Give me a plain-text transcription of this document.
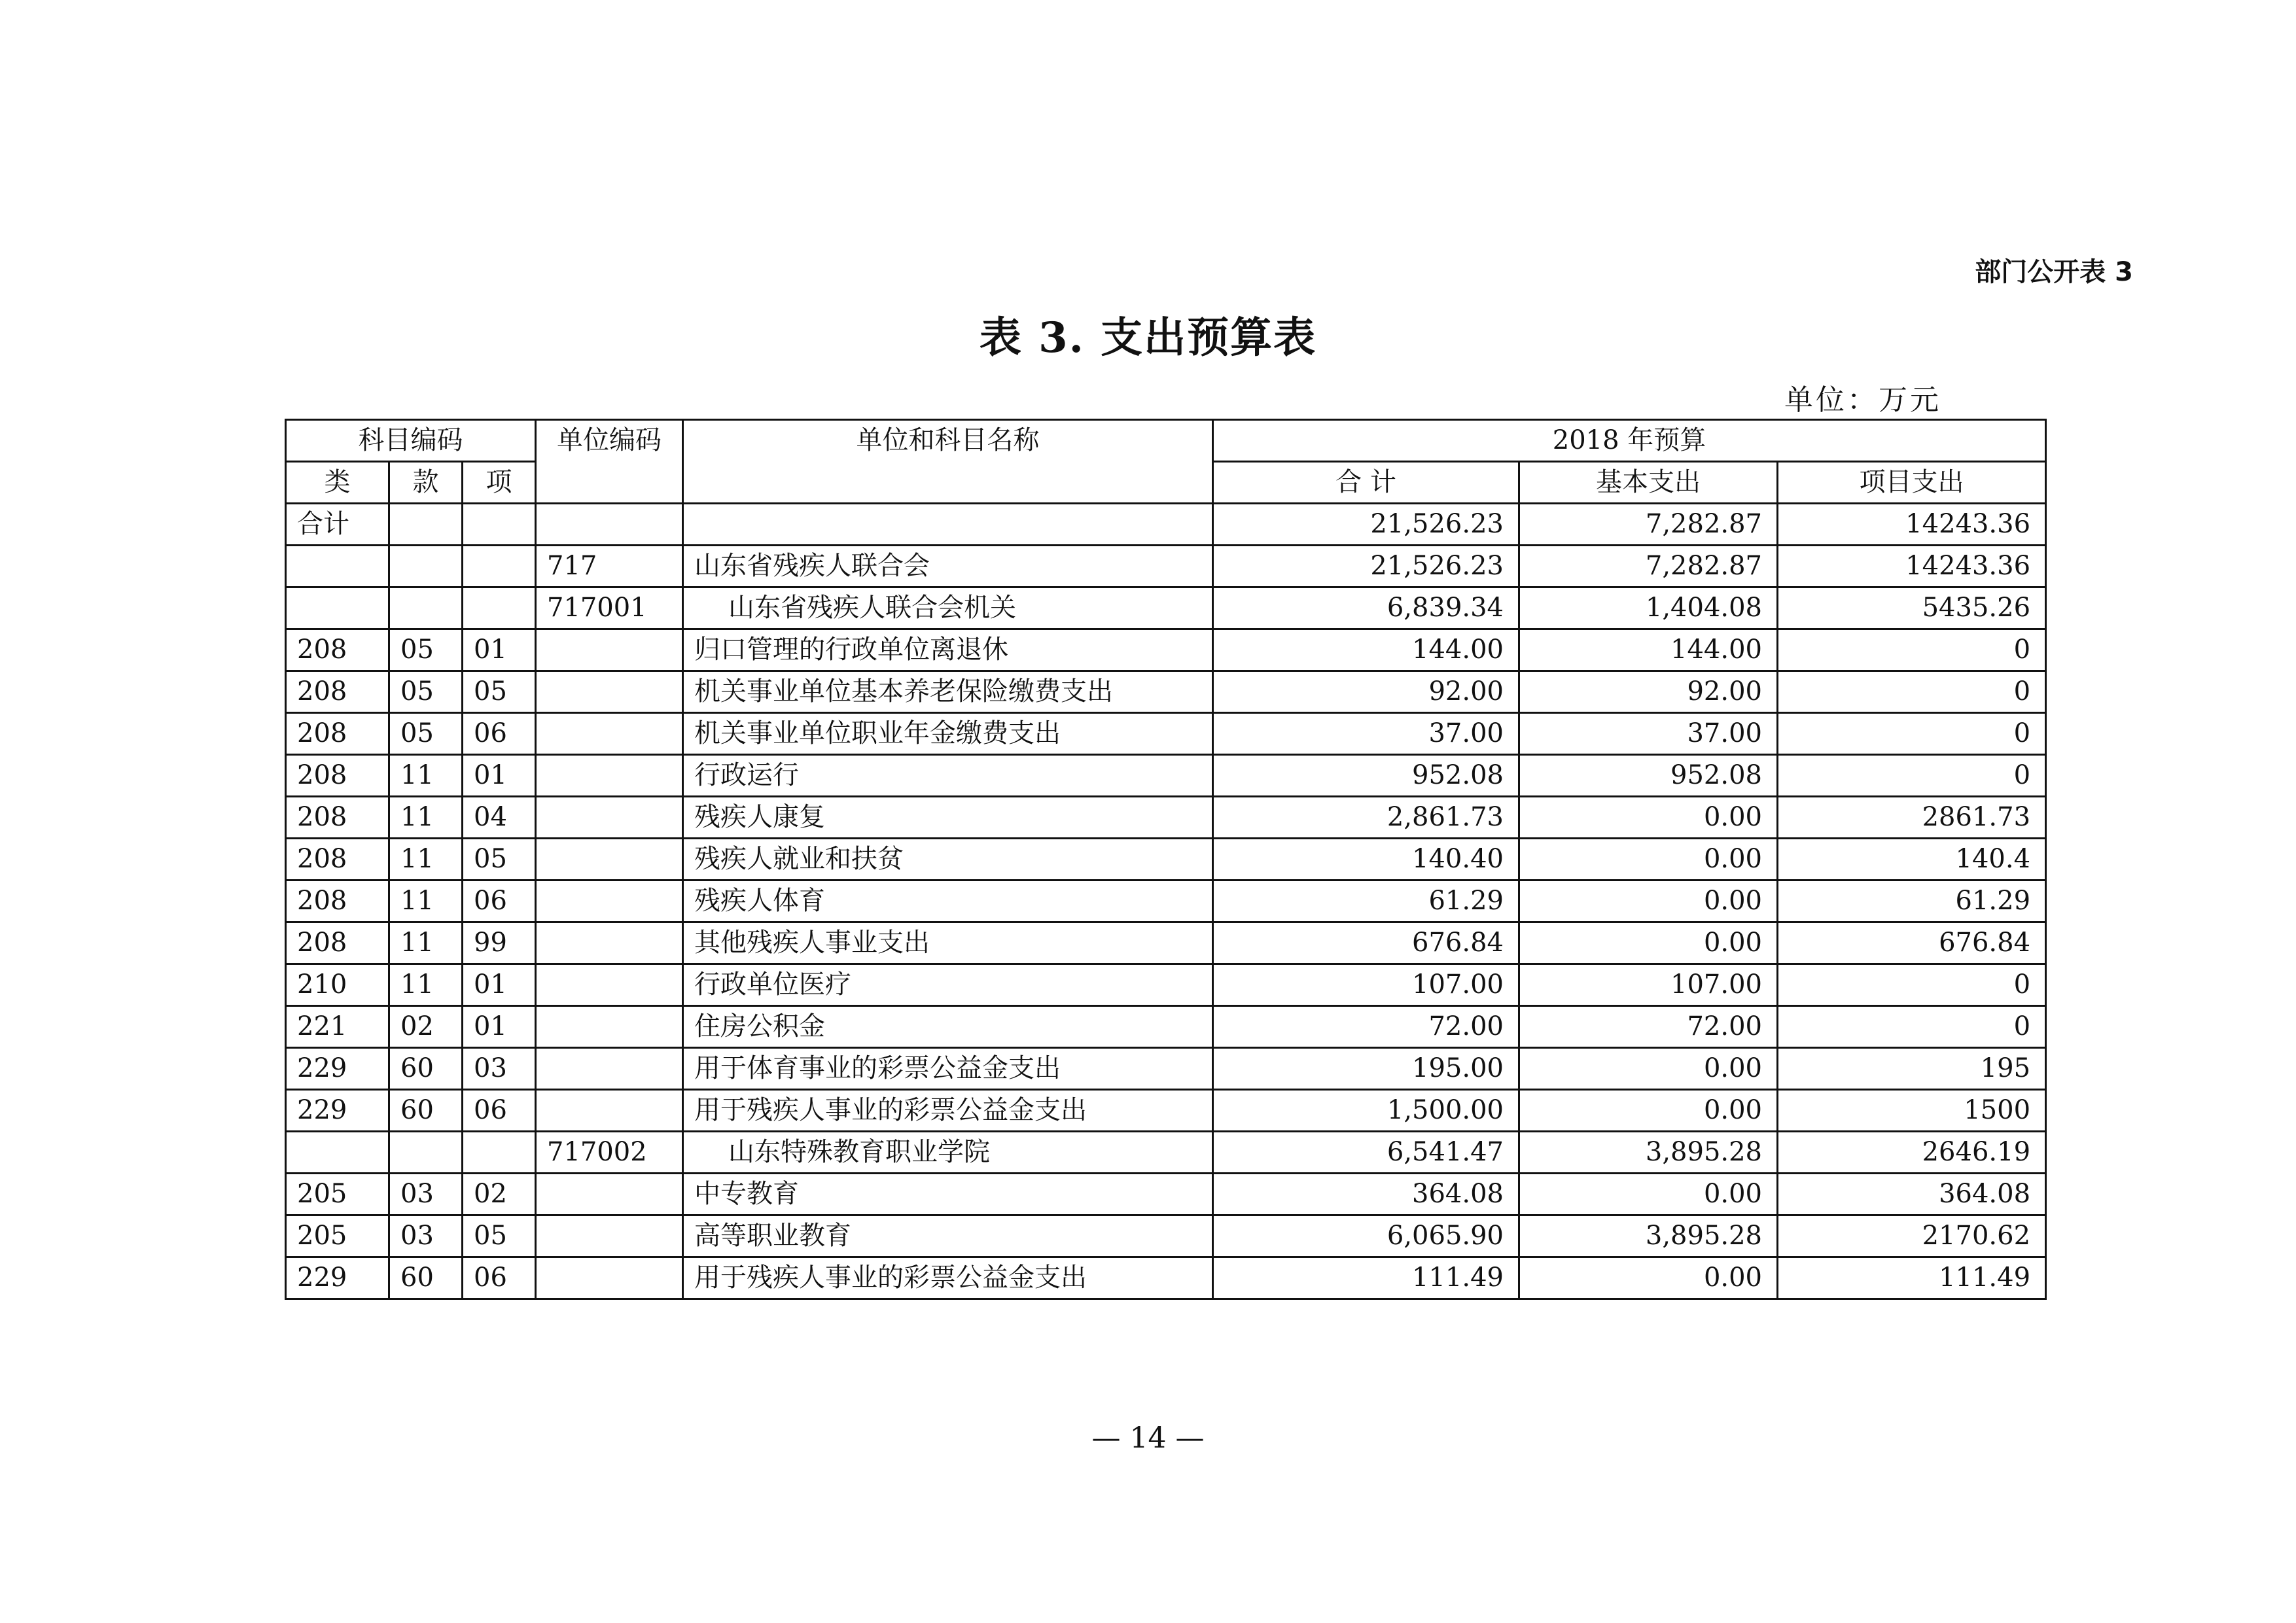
部门公开表 3
表 3. 支出预算表
单位：万元
科目编码			单位编码	单位和科目名称	2018 年预算		
类	款	项			合 计	基本支出	项目支出
合计					21,526.23	7,282.87	14243.36
			717	山东省残疾人联合会	21,526.23	7,282.87	14243.36
			717001	山东省残疾人联合会机关	6,839.34	1,404.08	5435.26
208	05	01		归口管理的行政单位离退休	144.00	144.00	0
208	05	05		机关事业单位基本养老保险缴费支出	92.00	92.00	0
208	05	06		机关事业单位职业年金缴费支出	37.00	37.00	0
208	11	01		行政运行	952.08	952.08	0
208	11	04		残疾人康复	2,861.73	0.00	2861.73
208	11	05		残疾人就业和扶贫	140.40	0.00	140.4
208	11	06		残疾人体育	61.29	0.00	61.29
208	11	99		其他残疾人事业支出	676.84	0.00	676.84
210	11	01		行政单位医疗	107.00	107.00	0
221	02	01		住房公积金	72.00	72.00	0
229	60	03		用于体育事业的彩票公益金支出	195.00	0.00	195
229	60	06		用于残疾人事业的彩票公益金支出	1,500.00	0.00	1500
			717002	山东特殊教育职业学院	6,541.47	3,895.28	2646.19
205	03	02		中专教育	364.08	0.00	364.08
205	03	05		高等职业教育	6,065.90	3,895.28	2170.62
229	60	06		用于残疾人事业的彩票公益金支出	111.49	0.00	111.49
— 14 —
